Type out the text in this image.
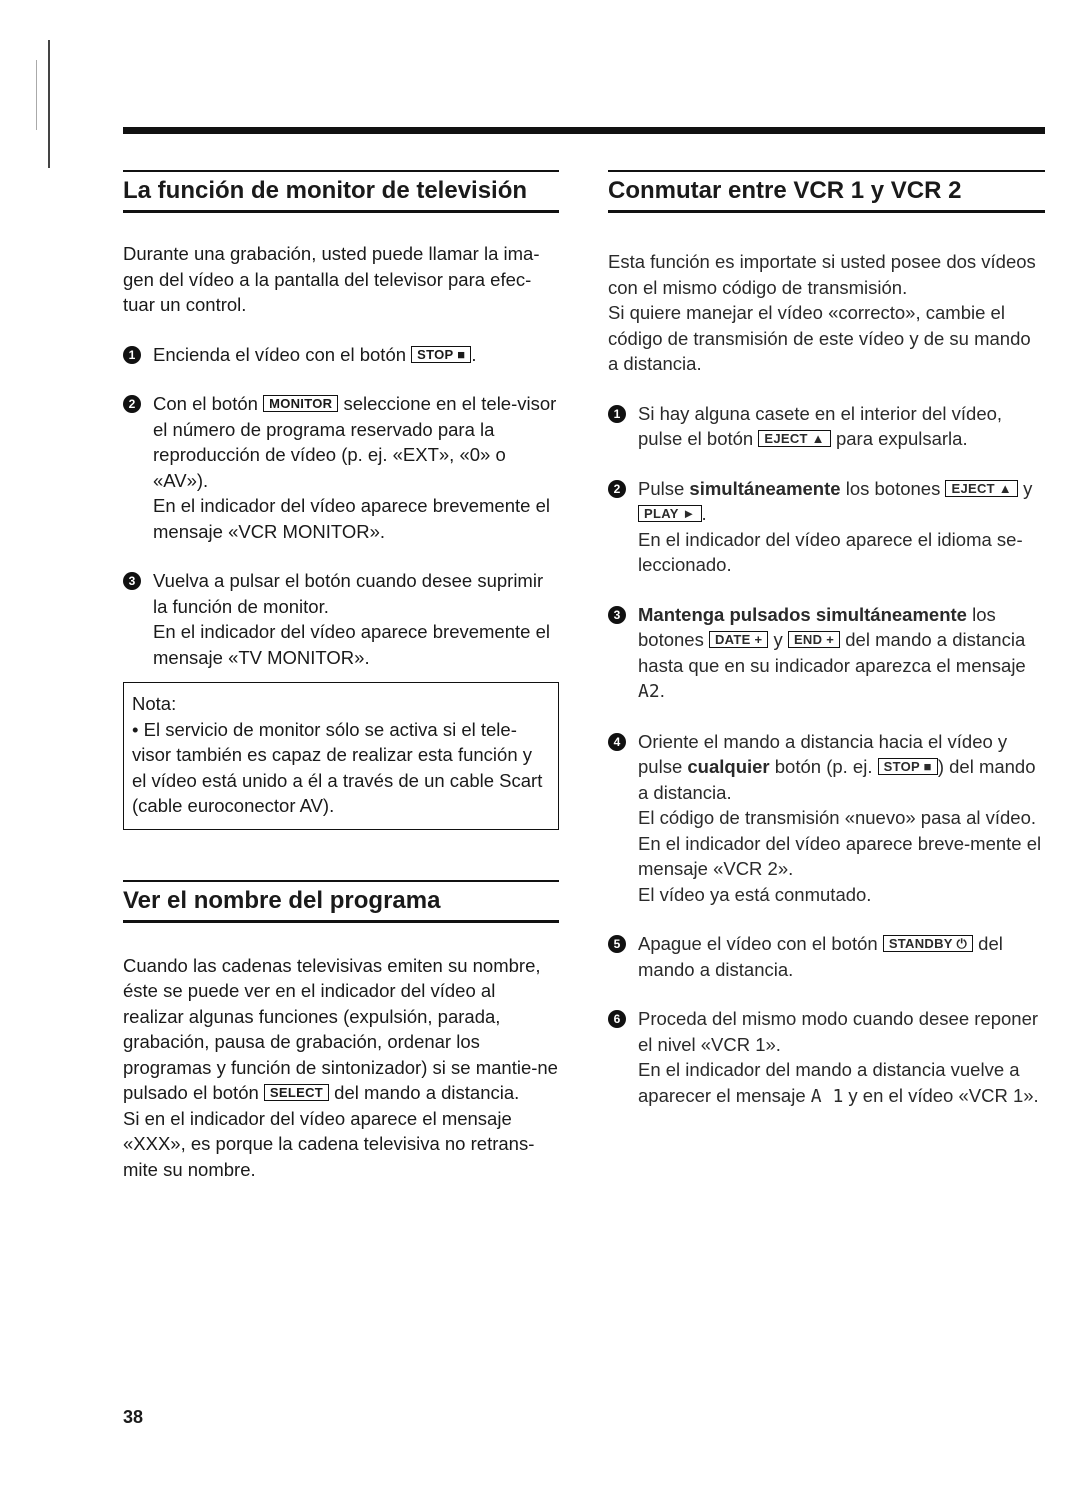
La función de monitor de televisión

Durante una grabación, usted puede llamar la ima-gen del vídeo a la pantalla del televisor para efec-tuar un control.

1 Encienda el vídeo con el botón STOP ■ .
2 Con el botón MONITOR seleccione en el tele-visor el número de programa reservado para la reproducción de vídeo (p. ej. «EXT», «0» o «AV»).
En el indicador del vídeo aparece brevemente el mensaje «VCR MONITOR».
3 Vuelva a pulsar el botón cuando desee suprimir la función de monitor.
En el indicador del vídeo aparece brevemente el mensaje «TV MONITOR».
Nota:
• El servicio de monitor sólo se activa si el tele-visor también es capaz de realizar esta función y el vídeo está unido a él a través de un cable Scart (cable euroconector AV).
Ver el nombre del programa

Cuando las cadenas televisivas emiten su nombre, éste se puede ver en el indicador del vídeo al realizar algunas funciones (expulsión, parada, grabación, pausa de grabación, ordenar los programas y función de sintonizador) si se mantie-ne pulsado el botón SELECT del mando a distancia.

Si en el indicador del vídeo aparece el mensaje «XXX», es porque la cadena televisiva no retrans-mite su nombre.

Conmutar entre VCR 1 y VCR 2

Esta función es importate si usted posee dos vídeos con el mismo código de transmisión.

Si quiere manejar el vídeo «correcto», cambie el código de transmisión de este vídeo y de su mando a distancia.

1 Si hay alguna casete en el interior del vídeo, pulse el botón EJECT ▲ para expulsarla.
2 Pulse simultáneamente los botones EJECT ▲ y PLAY ► .
En el indicador del vídeo aparece el idioma se-leccionado.
3 Mantenga pulsados simultáneamente los botones DATE + y END + del mando a distancia hasta que en su indicador aparezca el mensaje A2.
4 Oriente el mando a distancia hacia el vídeo y pulse cualquier botón (p. ej. STOP ■ ) del mando a distancia.
El código de transmisión «nuevo» pasa al vídeo. En el indicador del vídeo aparece breve-mente el mensaje «VCR 2».
El vídeo ya está conmutado.
5 Apague el vídeo con el botón STANDBY ⏻ del mando a distancia.
6 Proceda del mismo modo cuando desee reponer el nivel «VCR 1».
En el indicador del mando a distancia vuelve a aparecer el mensaje A 1 y en el vídeo «VCR 1».
38
